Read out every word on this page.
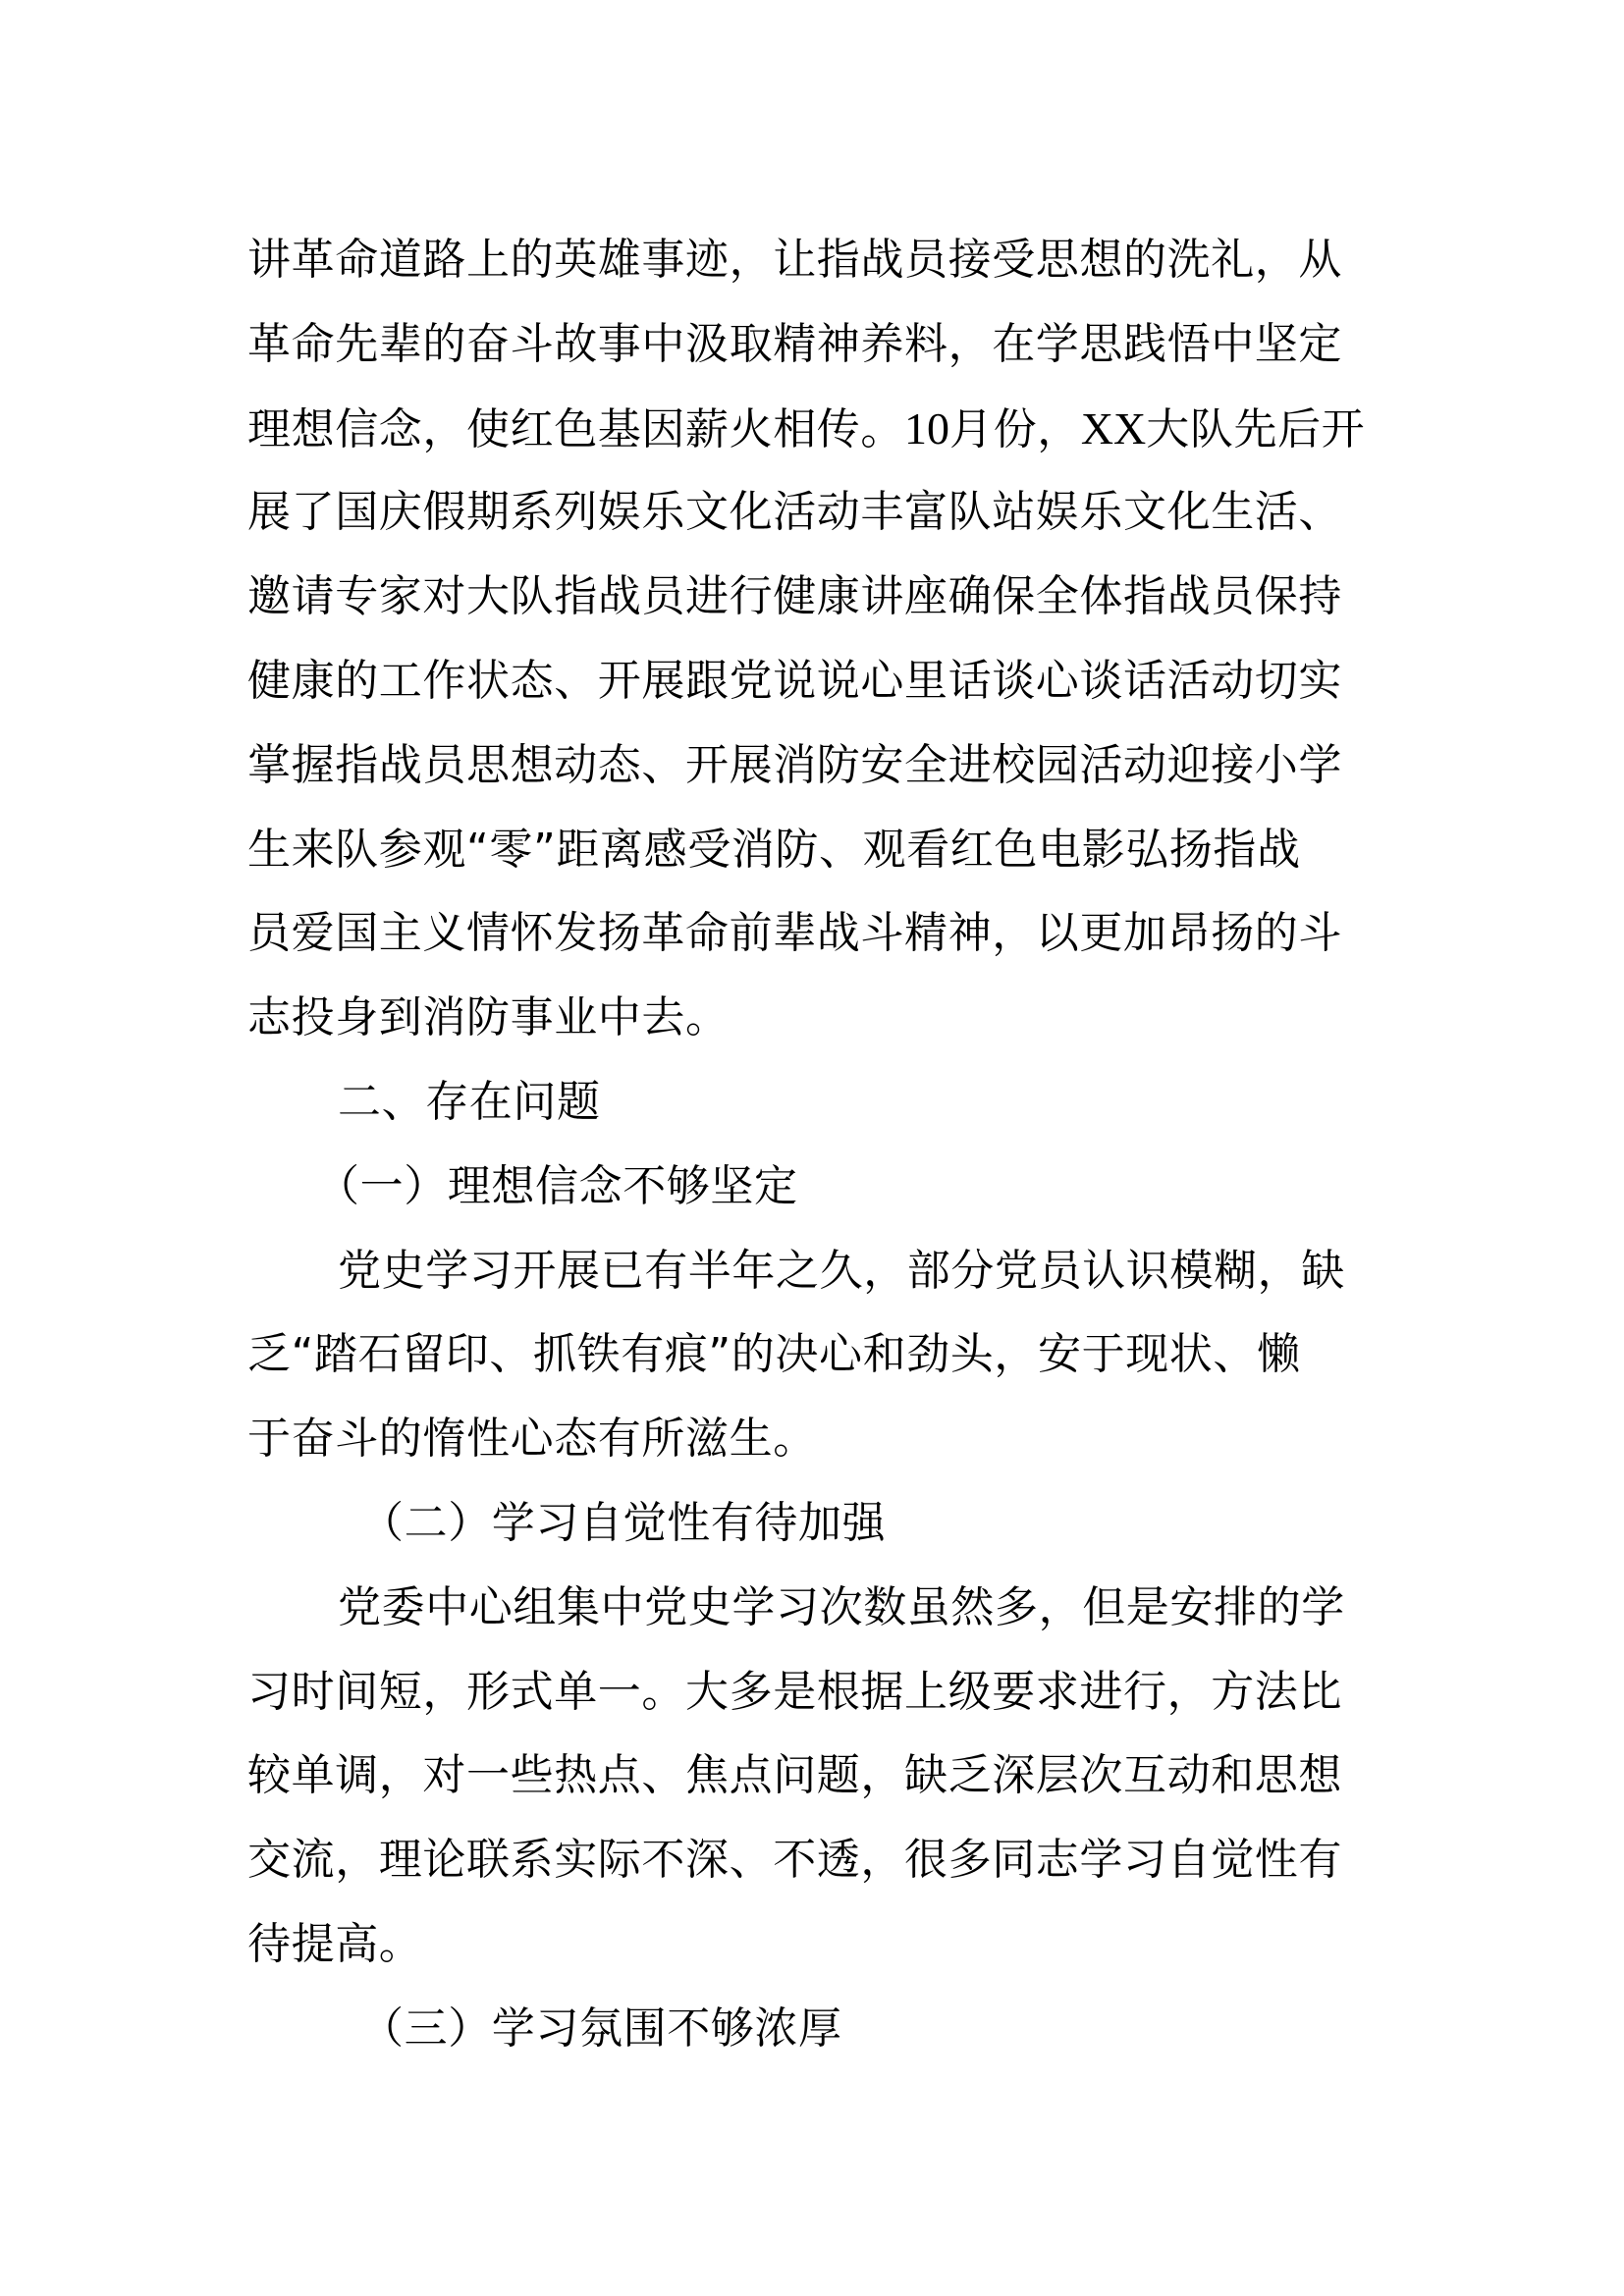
讲革命道路上的英雄事迹，让指战员接受思想的洗礼，从
革命先辈的奋斗故事中汲取精神养料，在学思践悟中坚定
理想信念，使红色基因薪火相传。10月份，XX大队先后开
展了国庆假期系列娱乐文化活动丰富队站娱乐文化生活、
邀请专家对大队指战员进行健康讲座确保全体指战员保持
健康的工作状态、开展跟党说说心里话谈心谈话活动切实
掌握指战员思想动态、开展消防安全进校园活动迎接小学
生来队参观“零”距离感受消防、观看红色电影弘扬指战
员爱国主义情怀发扬革命前辈战斗精神，以更加昂扬的斗
志投身到消防事业中去。
二、存在问题
（一）理想信念不够坚定
党史学习开展已有半年之久，部分党员认识模糊，缺
乏“踏石留印、抓铁有痕”的决心和劲头，安于现状、懒
于奋斗的惰性心态有所滋生。
（二）学习自觉性有待加强
党委中心组集中党史学习次数虽然多，但是安排的学
习时间短，形式单一。大多是根据上级要求进行，方法比
较单调，对一些热点、焦点问题，缺乏深层次互动和思想
交流，理论联系实际不深、不透，很多同志学习自觉性有
待提高。
（三）学习氛围不够浓厚
